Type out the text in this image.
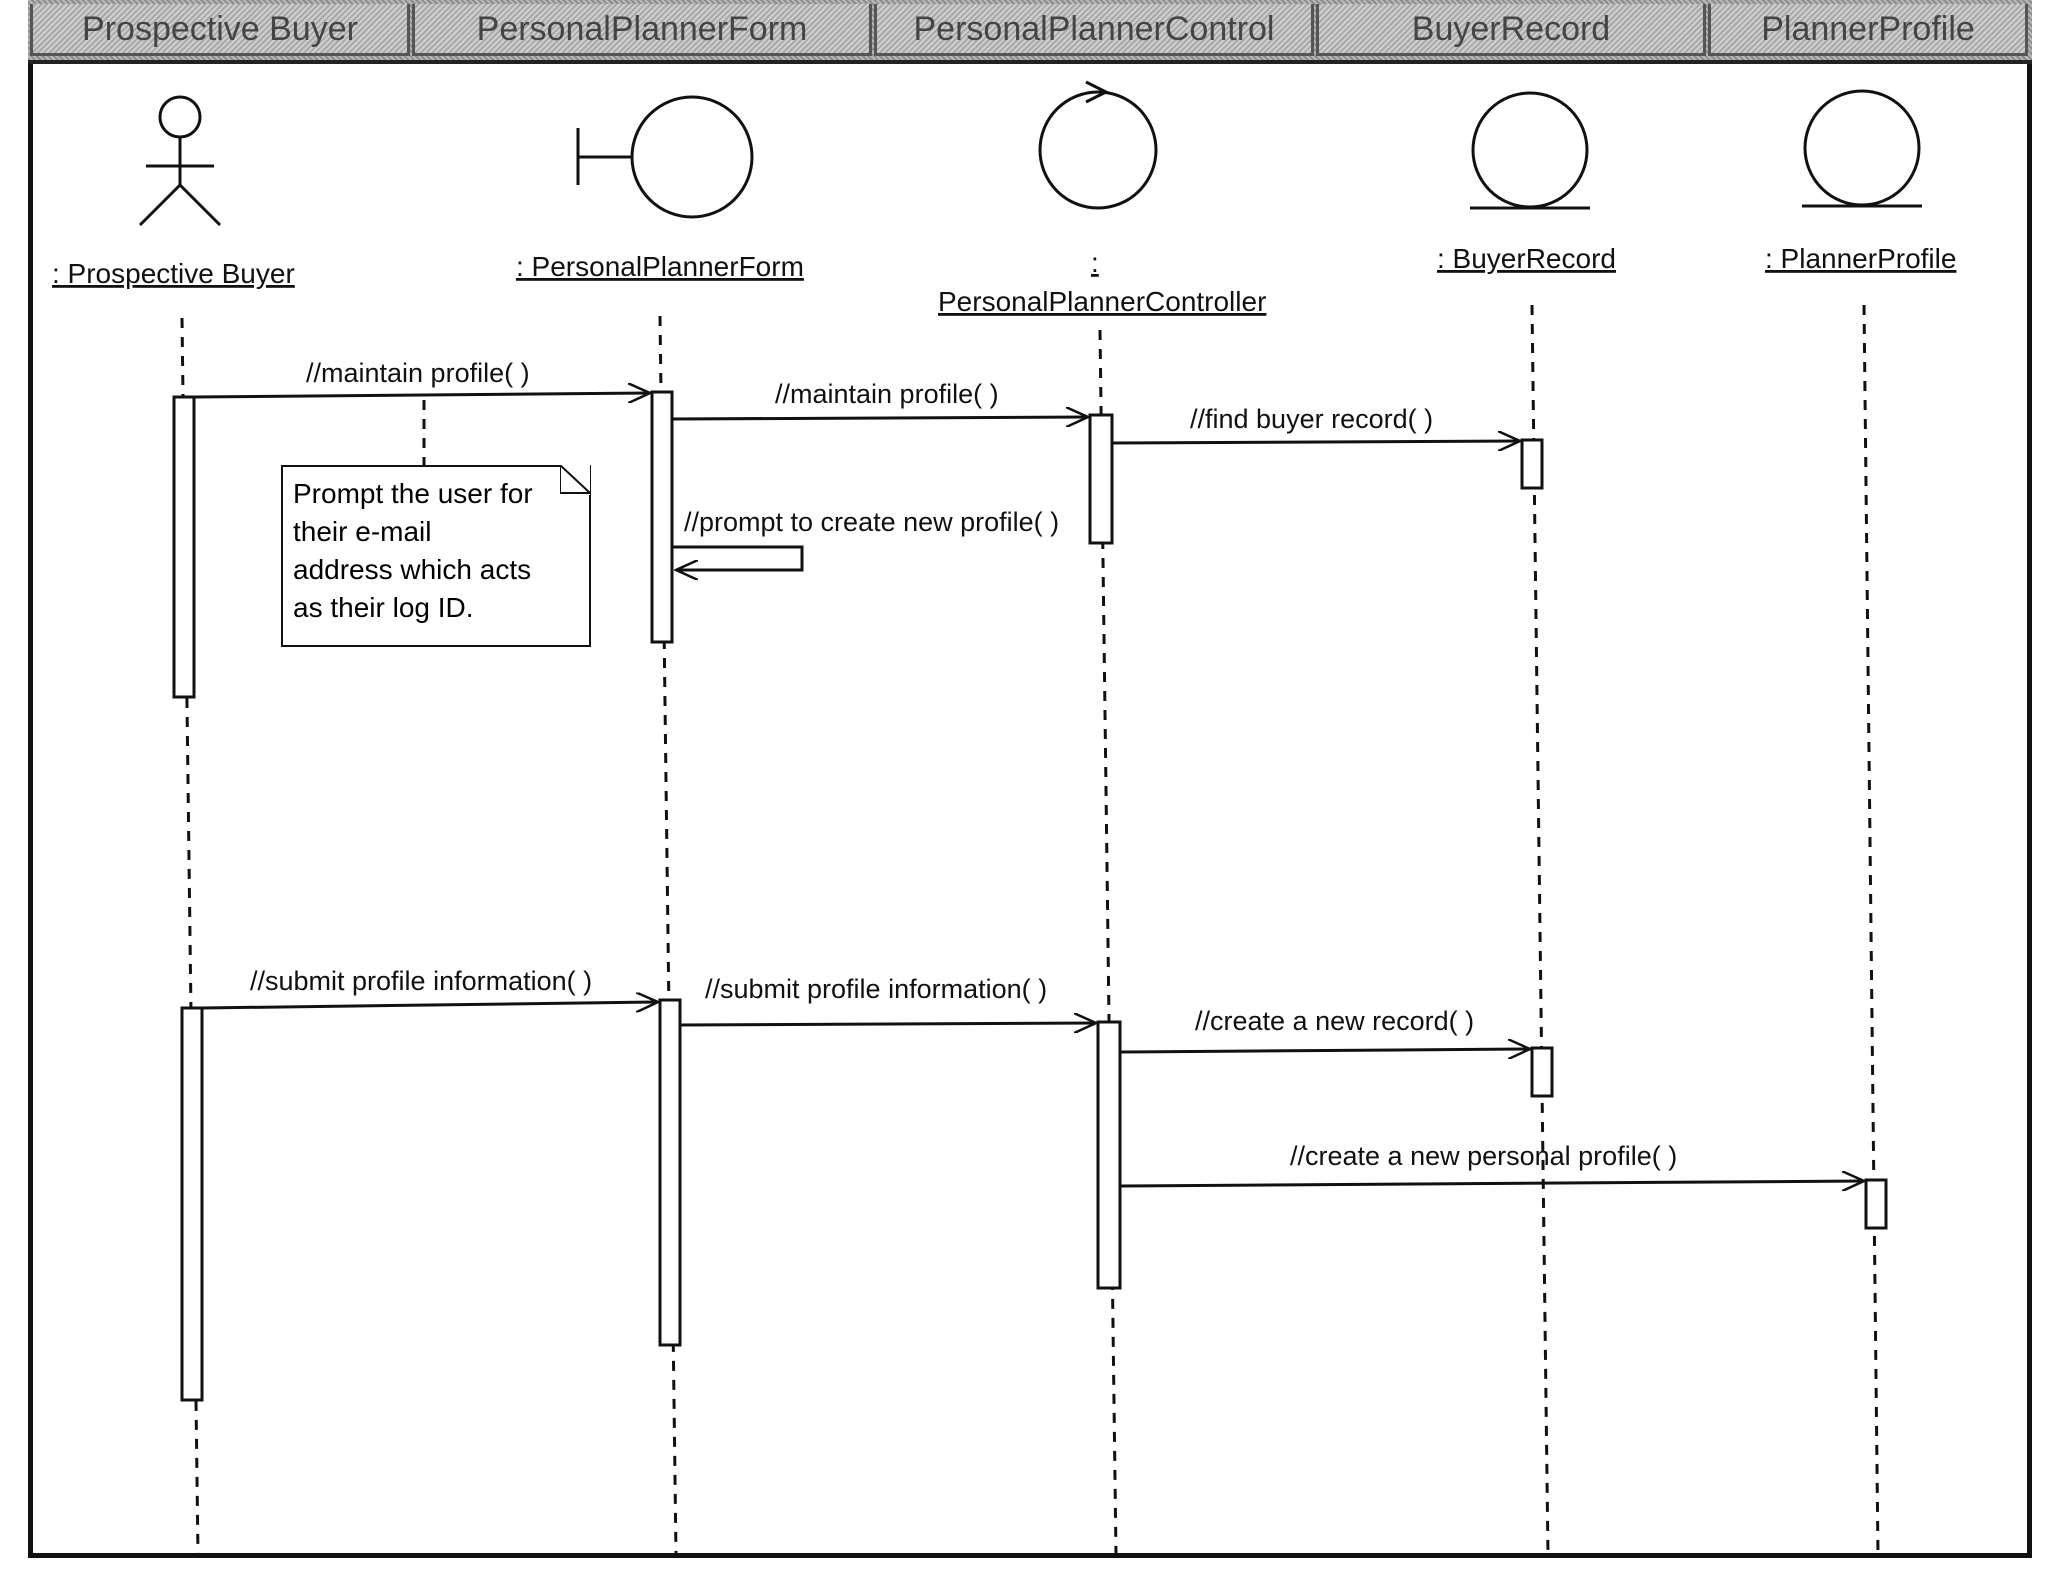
Prospective Buyer	PersonalPlannerForm	PersonalPlannerControl	BuyerRecord	PlannerProfile
: Prospective Buyer	: PersonalPlannerForm	:
PersonalPlannerController
: BuyerRecord	: PlannerProfile
//maintain profile( )
//maintain profile( )
//find buyer record( )
//prompt to create new profile( )
//submit profile information( )	//submit profile information( )
//create a new record( )
//create a new personal profile( )
Prompt the user for
their e-mail
address which acts
as their log ID.
